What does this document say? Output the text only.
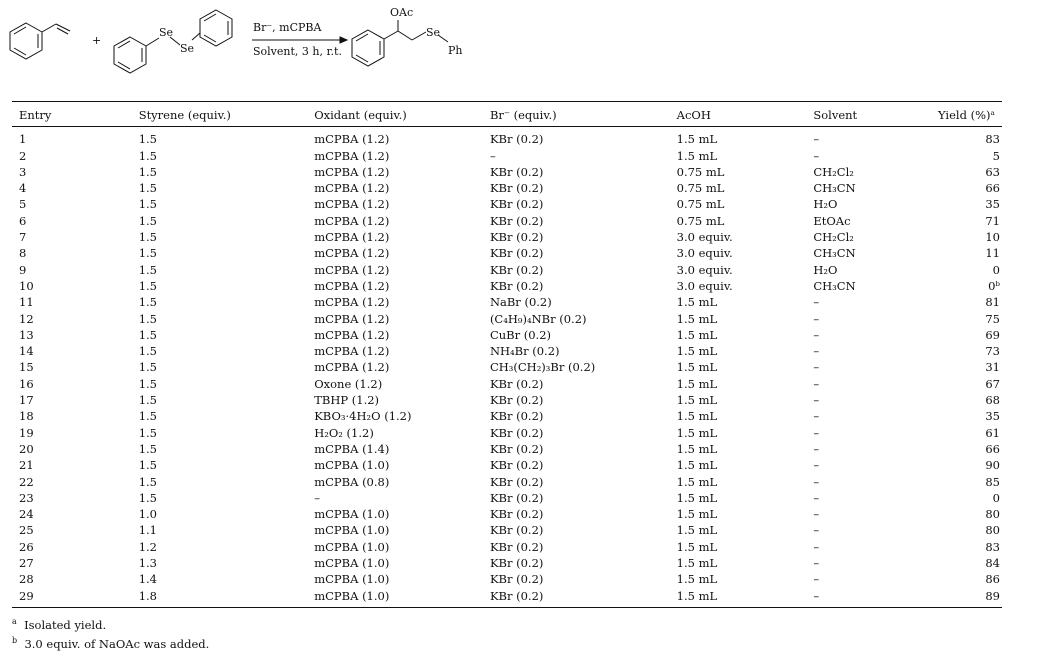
+
Se
Se
Br⁻, mCPBA
Solvent, 3 h, r.t.
OAc
Se
Ph
Entry	Styrene (equiv.)	Oxidant (equiv.)	Br⁻ (equiv.)	AcOH	Solvent	Yield (%)ᵃ
1	1.5	mCPBA (1.2)	KBr (0.2)	1.5 mL	–	83
2	1.5	mCPBA (1.2)	–	1.5 mL	–	5
3	1.5	mCPBA (1.2)	KBr (0.2)	0.75 mL	CH₂Cl₂	63
4	1.5	mCPBA (1.2)	KBr (0.2)	0.75 mL	CH₃CN	66
5	1.5	mCPBA (1.2)	KBr (0.2)	0.75 mL	H₂O	35
6	1.5	mCPBA (1.2)	KBr (0.2)	0.75 mL	EtOAc	71
7	1.5	mCPBA (1.2)	KBr (0.2)	3.0 equiv.	CH₂Cl₂	10
8	1.5	mCPBA (1.2)	KBr (0.2)	3.0 equiv.	CH₃CN	11
9	1.5	mCPBA (1.2)	KBr (0.2)	3.0 equiv.	H₂O	0
10	1.5	mCPBA (1.2)	KBr (0.2)	3.0 equiv.	CH₃CN	0ᵇ
11	1.5	mCPBA (1.2)	NaBr (0.2)	1.5 mL	–	81
12	1.5	mCPBA (1.2)	(C₄H₉)₄NBr (0.2)	1.5 mL	–	75
13	1.5	mCPBA (1.2)	CuBr (0.2)	1.5 mL	–	69
14	1.5	mCPBA (1.2)	NH₄Br (0.2)	1.5 mL	–	73
15	1.5	mCPBA (1.2)	CH₃(CH₂)₃Br (0.2)	1.5 mL	–	31
16	1.5	Oxone (1.2)	KBr (0.2)	1.5 mL	–	67
17	1.5	TBHP (1.2)	KBr (0.2)	1.5 mL	–	68
18	1.5	KBO₃·4H₂O (1.2)	KBr (0.2)	1.5 mL	–	35
19	1.5	H₂O₂ (1.2)	KBr (0.2)	1.5 mL	–	61
20	1.5	mCPBA (1.4)	KBr (0.2)	1.5 mL	–	66
21	1.5	mCPBA (1.0)	KBr (0.2)	1.5 mL	–	90
22	1.5	mCPBA (0.8)	KBr (0.2)	1.5 mL	–	85
23	1.5	–	KBr (0.2)	1.5 mL	–	0
24	1.0	mCPBA (1.0)	KBr (0.2)	1.5 mL	–	80
25	1.1	mCPBA (1.0)	KBr (0.2)	1.5 mL	–	80
26	1.2	mCPBA (1.0)	KBr (0.2)	1.5 mL	–	83
27	1.3	mCPBA (1.0)	KBr (0.2)	1.5 mL	–	84
28	1.4	mCPBA (1.0)	KBr (0.2)	1.5 mL	–	86
29	1.8	mCPBA (1.0)	KBr (0.2)	1.5 mL	–	89
$^a$ Isolated yield.
$^b$ 3.0 equiv. of NaOAc was added.
